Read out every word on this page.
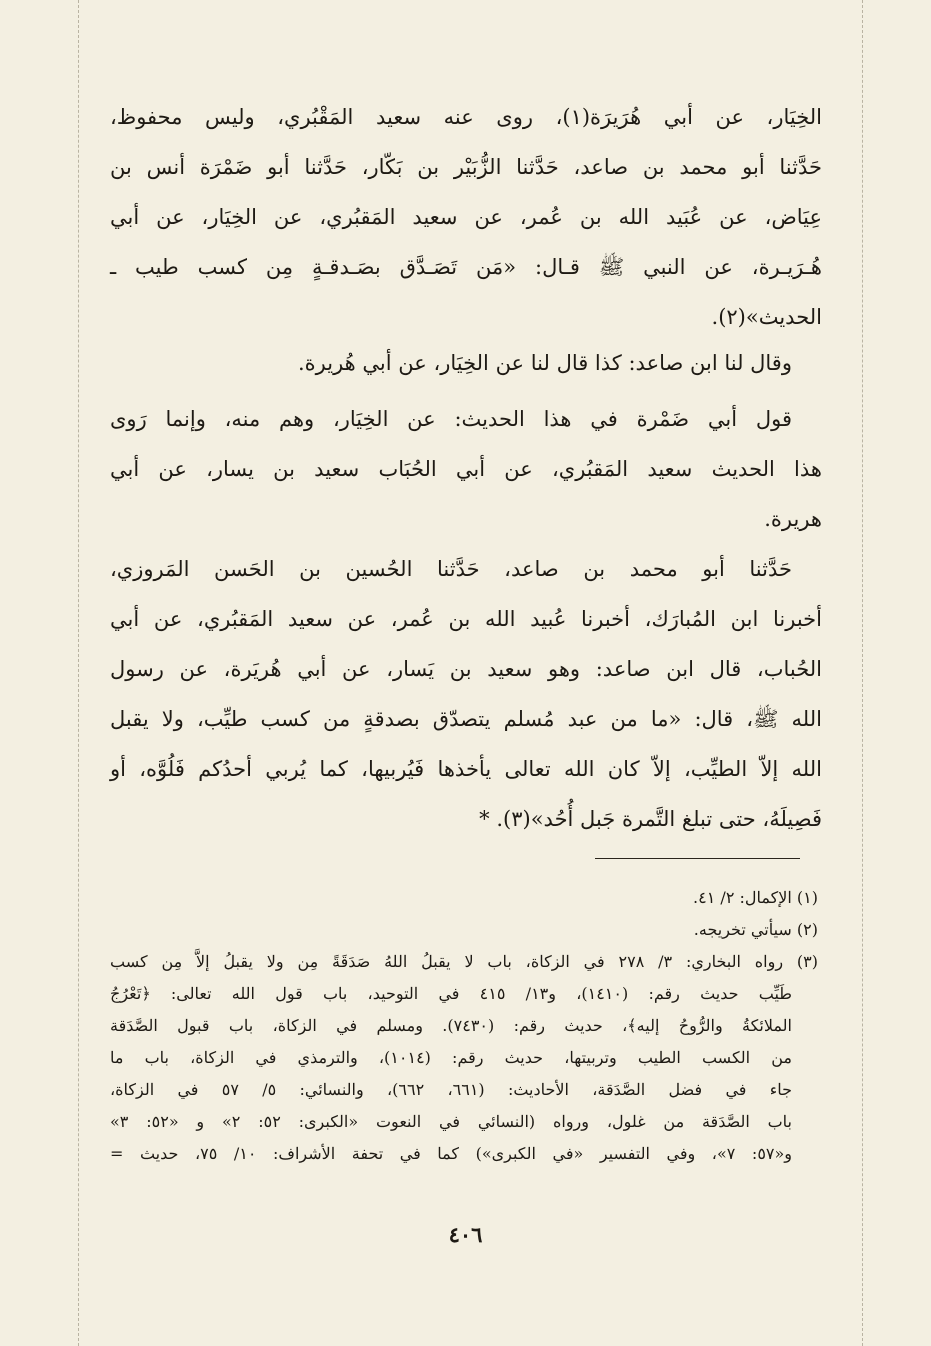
الخِيَار، عن أبي هُرَيرَة(١)، روى عنه سعيد المَقْبُري، وليس محفوظ،
حَدَّثنا أبو محمد بن صاعد، حَدَّثنا الزُّبَيْر بن بَكّار، حَدَّثنا أبو ضَمْرَة أنس بن
عِيَاض، عن عُبَيد الله بن عُمر، عن سعيد المَقبُري، عن الخِيَار، عن أبي
هُـرَيـرة، عن النبي ﷺ قـال: «مَن تَصَـدَّق بصَـدقـةٍ مِن كسب طيب ـ
الحديث»(٢).
وقال لنا ابن صاعد: كذا قال لنا عن الخِيَار، عن أبي هُريرة.
قول أبي ضَمْرة في هذا الحديث: عن الخِيَار، وهم منه، وإنما رَوى
هذا الحديث سعيد المَقبُري، عن أبي الحُبَاب سعيد بن يسار، عن أبي
هريرة.
حَدَّثنا أبو محمد بن صاعد، حَدَّثنا الحُسين بن الحَسن المَروزي،
أخبرنا ابن المُبارَك، أخبرنا عُبيد الله بن عُمر، عن سعيد المَقبُري، عن أبي
الحُباب، قال ابن صاعد: وهو سعيد بن يَسار، عن أبي هُريَرة، عن رسول
الله ﷺ، قال: «ما من عبد مُسلم يتصدّق بصدقةٍ من كسب طيِّب، ولا يقبل
الله إلاّ الطيِّب، إلاّ كان الله تعالى يأخذها فَيُربيها، كما يُربي أحدُكم فَلُوَّه، أو
فَصِيلَهُ، حتى تبلغ التَّمرة جَبل أُحُد»(٣). *
(١) الإكمال: ٢/ ٤١.
(٢) سيأتي تخريجه.
(٣) رواه البخاري: ٣/ ٢٧٨ في الزكاة، باب لا يقبلُ اللهُ صَدَقَةً مِن ولا يقبلُ إلاَّ مِن كسب
طَيِّب حديث رقم: (١٤١٠)، و١٣/ ٤١٥ في التوحيد، باب قول الله تعالى: ﴿تَعْرُجُ
الملائكةُ والرُّوحُ إليه﴾، حديث رقم: (٧٤٣٠). ومسلم في الزكاة، باب قبول الصَّدَقة
من الكسب الطيب وتربيتها، حديث رقم: (١٠١٤)، والترمذي في الزكاة، باب ما
جاء في فضل الصَّدَقة، الأحاديث: (٦٦١، ٦٦٢)، والنسائي: ٥/ ٥٧ في الزكاة،
باب الصَّدَقة من غلول، ورواه (النسائي في النعوت «الكبرى: ٥٢: ٢» و «٥٢: ٣»
و«٥٧: ٧»، وفي التفسير «في الكبرى») كما في تحفة الأشراف: ١٠/ ٧٥، حديث =
٤٠٦
